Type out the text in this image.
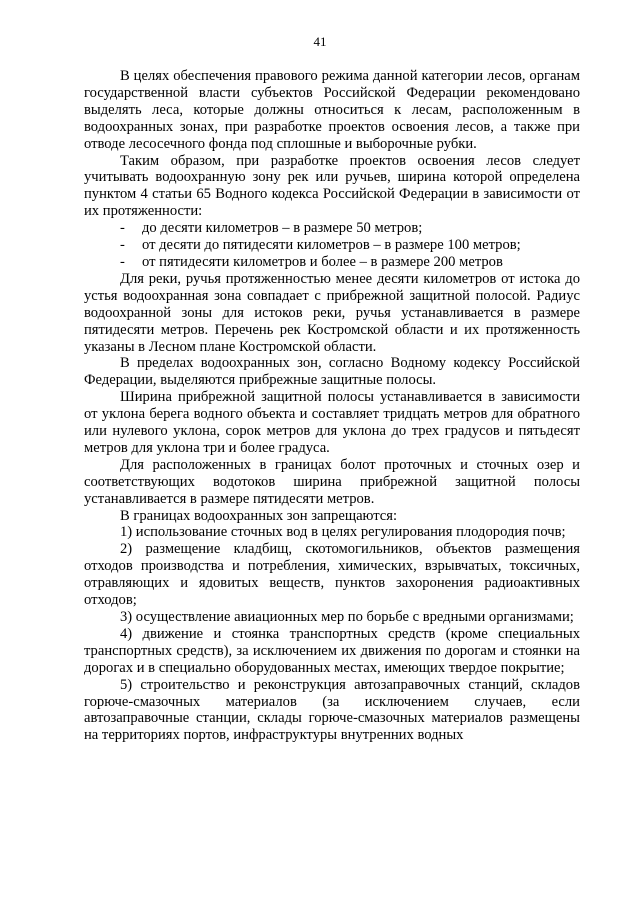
41

В целях обеспечения правового режима данной категории лесов, органам государственной власти субъектов Российской Федерации рекомендовано выделять леса, которые должны относиться к лесам, расположенным в водоохранных зонах, при разработке проектов освоения лесов, а также при отводе лесосечного фонда под сплошные и выборочные рубки.

Таким образом, при разработке проектов освоения лесов следует учитывать водоохранную зону рек или ручьев, ширина которой определена пунктом 4 статьи 65 Водного кодекса Российской Федерации в зависимости от их протяженности:

- до десяти километров – в размере 50 метров;
- от десяти до пятидесяти километров – в размере 100 метров;
- от пятидесяти километров и более – в размере 200 метров

Для реки, ручья протяженностью менее десяти километров от истока до устья водоохранная зона совпадает с прибрежной защитной полосой. Радиус водоохранной зоны для истоков реки, ручья устанавливается в размере пятидесяти метров. Перечень рек Костромской области и их протяженность указаны в Лесном плане Костромской области.

В пределах водоохранных зон, согласно Водному кодексу Российской Федерации, выделяются прибрежные защитные полосы.

Ширина прибрежной защитной полосы устанавливается в зависимости от уклона берега водного объекта и составляет тридцать метров для обратного или нулевого уклона, сорок метров для уклона до трех градусов и пятьдесят метров для уклона три и более градуса.

Для расположенных в границах болот проточных и сточных озер и соответствующих водотоков ширина прибрежной защитной полосы устанавливается в размере пятидесяти метров.

В границах водоохранных зон запрещаются:

1) использование сточных вод в целях регулирования плодородия почв;

2) размещение кладбищ, скотомогильников, объектов размещения отходов производства и потребления, химических, взрывчатых, токсичных, отравляющих и ядовитых веществ, пунктов захоронения радиоактивных отходов;

3) осуществление авиационных мер по борьбе с вредными организмами;

4) движение и стоянка транспортных средств (кроме специальных транспортных средств), за исключением их движения по дорогам и стоянки на дорогах и в специально оборудованных местах, имеющих твердое покрытие;

5) строительство и реконструкция автозаправочных станций, складов горюче-смазочных материалов (за исключением случаев, если автозаправочные станции, склады горюче-смазочных материалов размещены на территориях портов, инфраструктуры внутренних водных
